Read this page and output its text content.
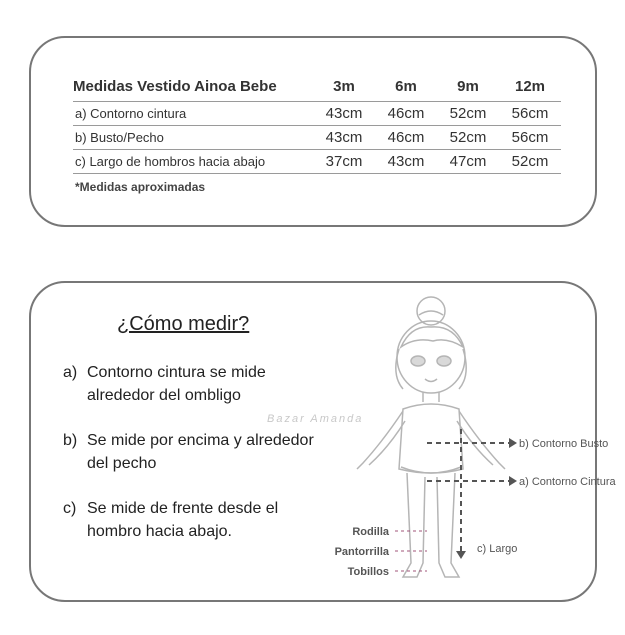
Medidas Vestido Ainoa Bebe	3m	6m	9m	12m
a) Contorno cintura	43cm	46cm	52cm	56cm
b) Busto/Pecho	43cm	46cm	52cm	56cm
c) Largo de hombros hacia abajo	37cm	43cm	47cm	52cm
*Medidas aproximadas
¿Cómo medir?
a) Contorno cintura se mide alrededor del ombligo
b) Se mide por encima y alrededor del pecho
c) Se mide de frente desde el hombro hacia abajo.
Bazar Amanda
b) Contorno Busto
a) Contorno Cintura
c) Largo
Rodilla
Pantorrilla
Tobillos
